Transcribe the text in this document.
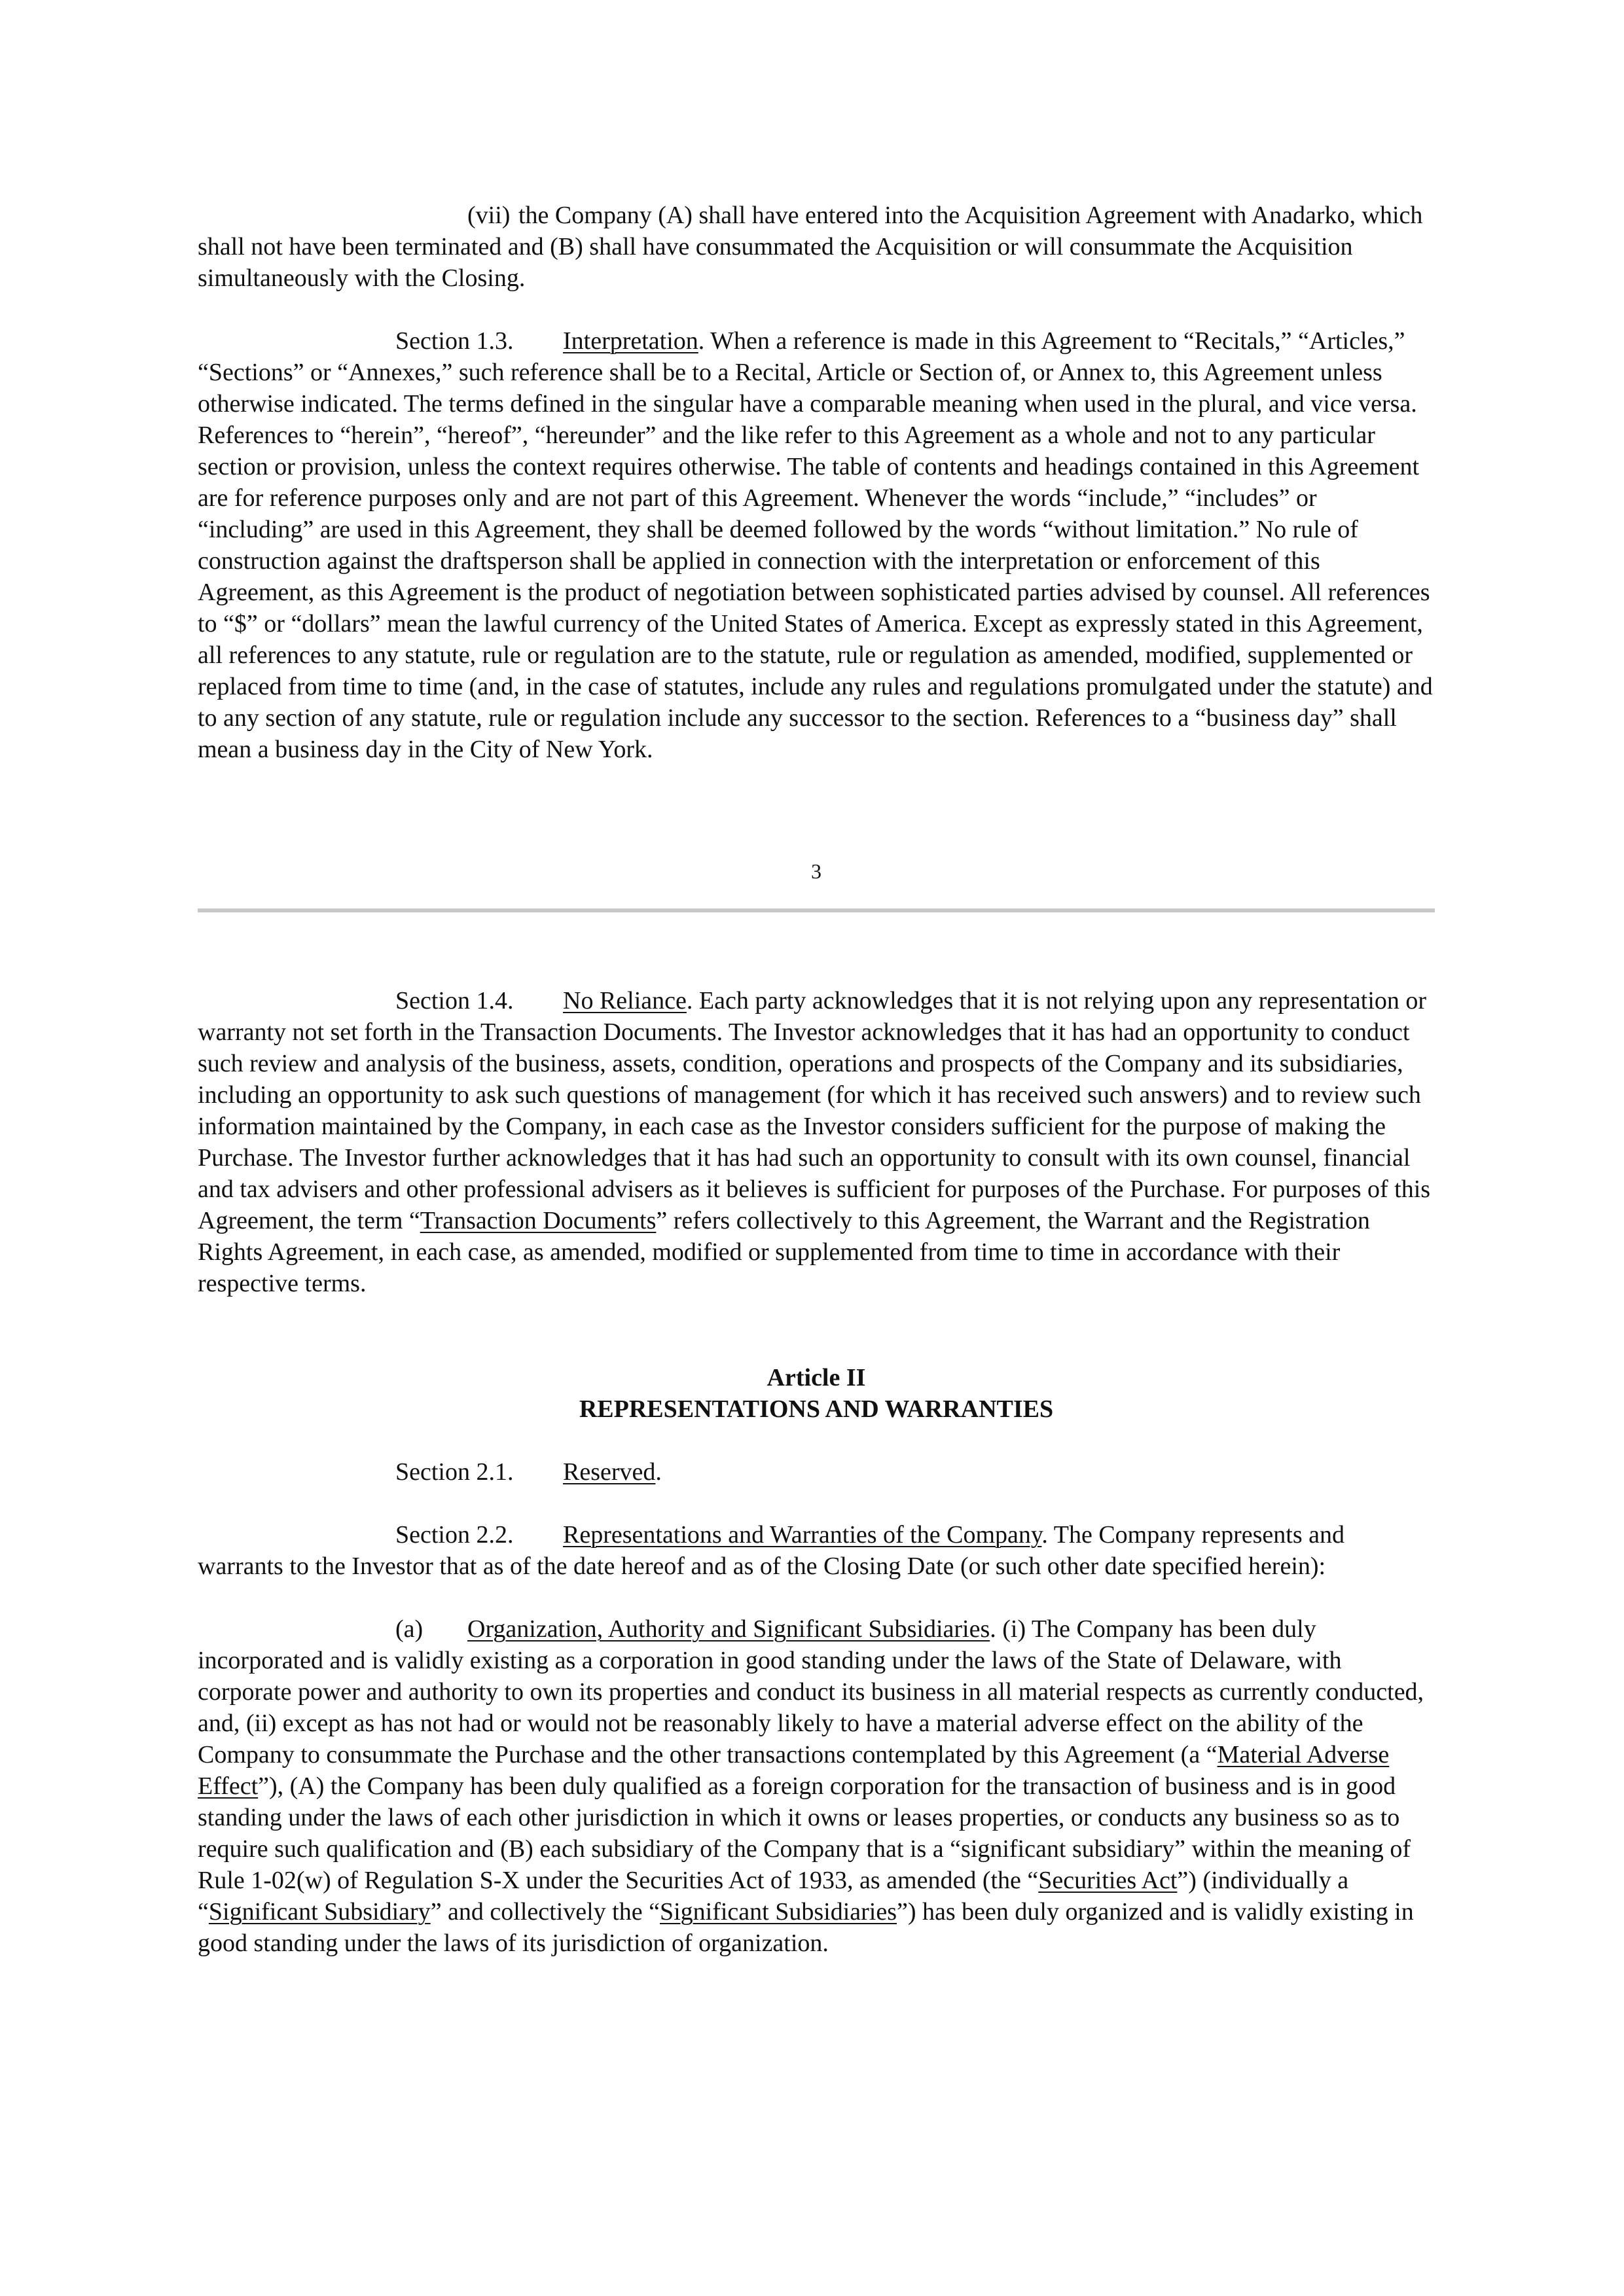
(vii) the Company (A) shall have entered into the Acquisition Agreement with Anadarko, which shall not have been terminated and (B) shall have consummated the Acquisition or will consummate the Acquisition simultaneously with the Closing.

Section 1.3. Interpretation. When a reference is made in this Agreement to “Recitals,” “Articles,” “Sections” or “Annexes,” such reference shall be to a Recital, Article or Section of, or Annex to, this Agreement unless otherwise indicated. The terms defined in the singular have a comparable meaning when used in the plural, and vice versa. References to “herein”, “hereof”, “hereunder” and the like refer to this Agreement as a whole and not to any particular section or provision, unless the context requires otherwise. The table of contents and headings contained in this Agreement are for reference purposes only and are not part of this Agreement. Whenever the words “include,” “includes” or “including” are used in this Agreement, they shall be deemed followed by the words “without limitation.” No rule of construction against the draftsperson shall be applied in connection with the interpretation or enforcement of this Agreement, as this Agreement is the product of negotiation between sophisticated parties advised by counsel. All references to “$” or “dollars” mean the lawful currency of the United States of America. Except as expressly stated in this Agreement, all references to any statute, rule or regulation are to the statute, rule or regulation as amended, modified, supplemented or replaced from time to time (and, in the case of statutes, include any rules and regulations promulgated under the statute) and to any section of any statute, rule or regulation include any successor to the section. References to a “business day” shall mean a business day in the City of New York.

3

Section 1.4. No Reliance. Each party acknowledges that it is not relying upon any representation or warranty not set forth in the Transaction Documents. The Investor acknowledges that it has had an opportunity to conduct such review and analysis of the business, assets, condition, operations and prospects of the Company and its subsidiaries, including an opportunity to ask such questions of management (for which it has received such answers) and to review such information maintained by the Company, in each case as the Investor considers sufficient for the purpose of making the Purchase. The Investor further acknowledges that it has had such an opportunity to consult with its own counsel, financial and tax advisers and other professional advisers as it believes is sufficient for purposes of the Purchase. For purposes of this Agreement, the term “Transaction Documents” refers collectively to this Agreement, the Warrant and the Registration Rights Agreement, in each case, as amended, modified or supplemented from time to time in accordance with their respective terms.

Article II

REPRESENTATIONS AND WARRANTIES

Section 2.1. Reserved.

Section 2.2. Representations and Warranties of the Company. The Company represents and warrants to the Investor that as of the date hereof and as of the Closing Date (or such other date specified herein):

(a) Organization, Authority and Significant Subsidiaries. (i) The Company has been duly incorporated and is validly existing as a corporation in good standing under the laws of the State of Delaware, with corporate power and authority to own its properties and conduct its business in all material respects as currently conducted, and, (ii) except as has not had or would not be reasonably likely to have a material adverse effect on the ability of the Company to consummate the Purchase and the other transactions contemplated by this Agreement (a “Material Adverse Effect”), (A) the Company has been duly qualified as a foreign corporation for the transaction of business and is in good standing under the laws of each other jurisdiction in which it owns or leases properties, or conducts any business so as to require such qualification and (B) each subsidiary of the Company that is a “significant subsidiary” within the meaning of Rule 1-02(w) of Regulation S-X under the Securities Act of 1933, as amended (the “Securities Act”) (individually a “Significant Subsidiary” and collectively the “Significant Subsidiaries”) has been duly organized and is validly existing in good standing under the laws of its jurisdiction of organization.
